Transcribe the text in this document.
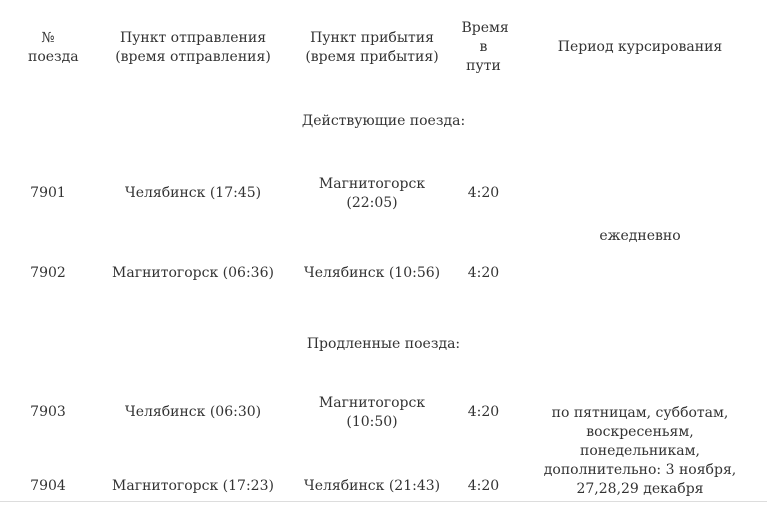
№ поезда	Пункт отправления (время отправления)	Пункт прибытия (время прибытия)	Время в пути	Период курсирования
Действующие поезда:				
7901	Челябинск (17:45)	Магнитогорск (22:05)	4:20	ежедневно
7902	Магнитогорск (06:36)	Челябинск (10:56)	4:20	
Продленные поезда:				
7903	Челябинск (06:30)	Магнитогорск (10:50)	4:20	по пятницам, субботам, воскресеньям, понедельникам, дополнительно: 3 ноября, 27,28,29 декабря

7904	Магнитогорск (17:23)	Челябинск (21:43)	4:20	
